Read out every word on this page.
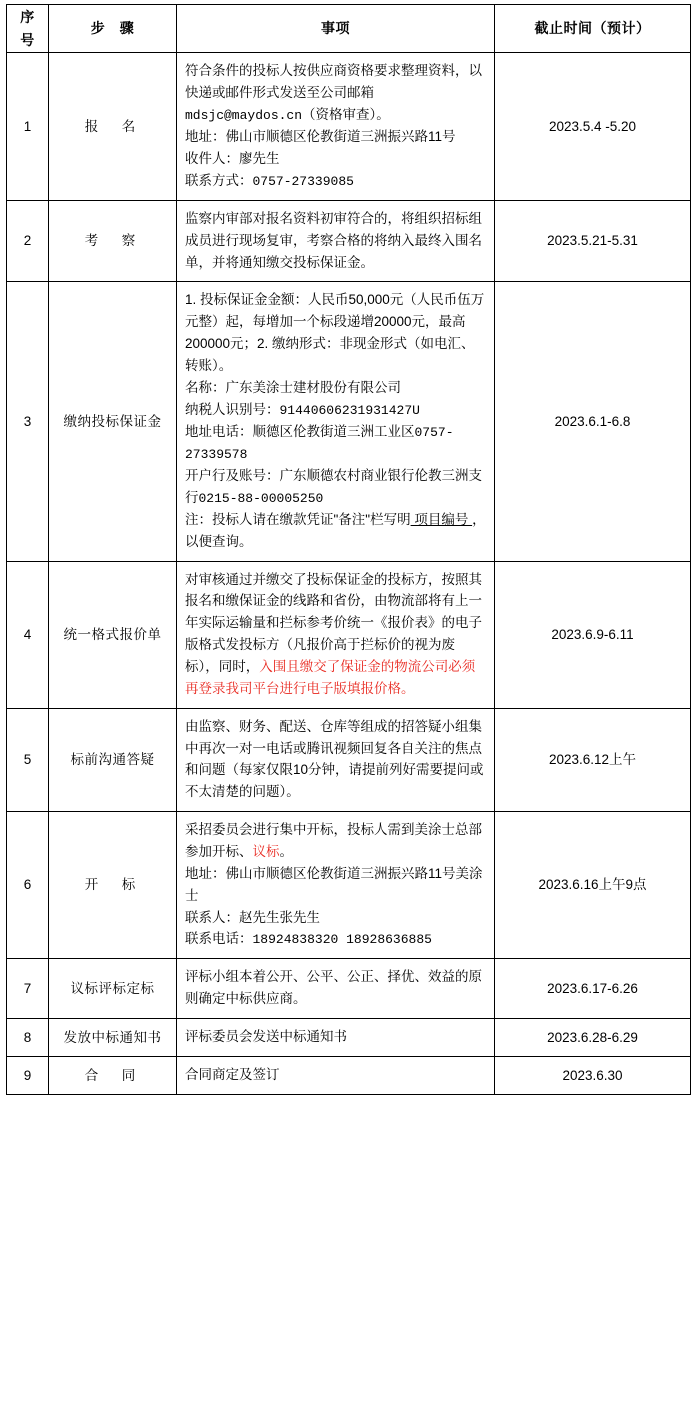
序　号	步　骤	事项	截止时间（预计）
1	报　名	符合条件的投标人按供应商资格要求整理资料，以快递或邮件形式发送至公司邮箱mdsjc@maydos.cn（资格审查）。

地址：佛山市顺德区伦教街道三洲振兴路11号

收件人：廖先生

联系方式：0757-27339085	2023.5.4 -5.20
2	考　察	监察内审部对报名资料初审符合的，将组织招标组成员进行现场复审，考察合格的将纳入最终入围名单，并将通知缴交投标保证金。	2023.5.21-5.31
3	缴纳投标保证金	

1. 投标保证金金额：人民币50,000元（人民币伍万元整）起，每增加一个标段递增20000元，最高200000元；2. 缴纳形式：非现金形式（如电汇、转账）。

名称：广东美涂士建材股份有限公司

纳税人识别号：91440606231931427U

地址电话：顺德区伦教街道三洲工业区0757-27339578

开户行及账号：广东顺德农村商业银行伦教三洲支行0215-88-00005250

注：投标人请在缴款凭证"备注"栏写明 项目编号 ，以便查询。

	2023.6.1-6.8
4	统一格式报价单	对审核通过并缴交了投标保证金的投标方，按照其报名和缴保证金的线路和省份，由物流部将有上一年实际运输量和拦标参考价统一《报价表》的电子版格式发投标方（凡报价高于拦标价的视为废标），同时，入围且缴交了保证金的物流公司必须再登录我司平台进行电子版填报价格。	2023.6.9-6.11
5	标前沟通答疑	由监察、财务、配送、仓库等组成的招答疑小组集中再次一对一电话或腾讯视频回复各自关注的焦点和问题（每家仅限10分钟，请提前列好需要提问或不太清楚的问题）。	2023.6.12上午
6	开　标	采招委员会进行集中开标，投标人需到美涂士总部参加开标、议标。

地址：佛山市顺德区伦教街道三洲振兴路11号美涂士

联系人：赵先生张先生

联系电话：18924838320 18928636885	2023.6.16上午9点
7	议标评标定标	评标小组本着公开、公平、公正、择优、效益的原则确定中标供应商。	2023.6.17-6.26
8	发放中标通知书	评标委员会发送中标通知书	2023.6.28-6.29
9	合　同	合同商定及签订	2023.6.30
